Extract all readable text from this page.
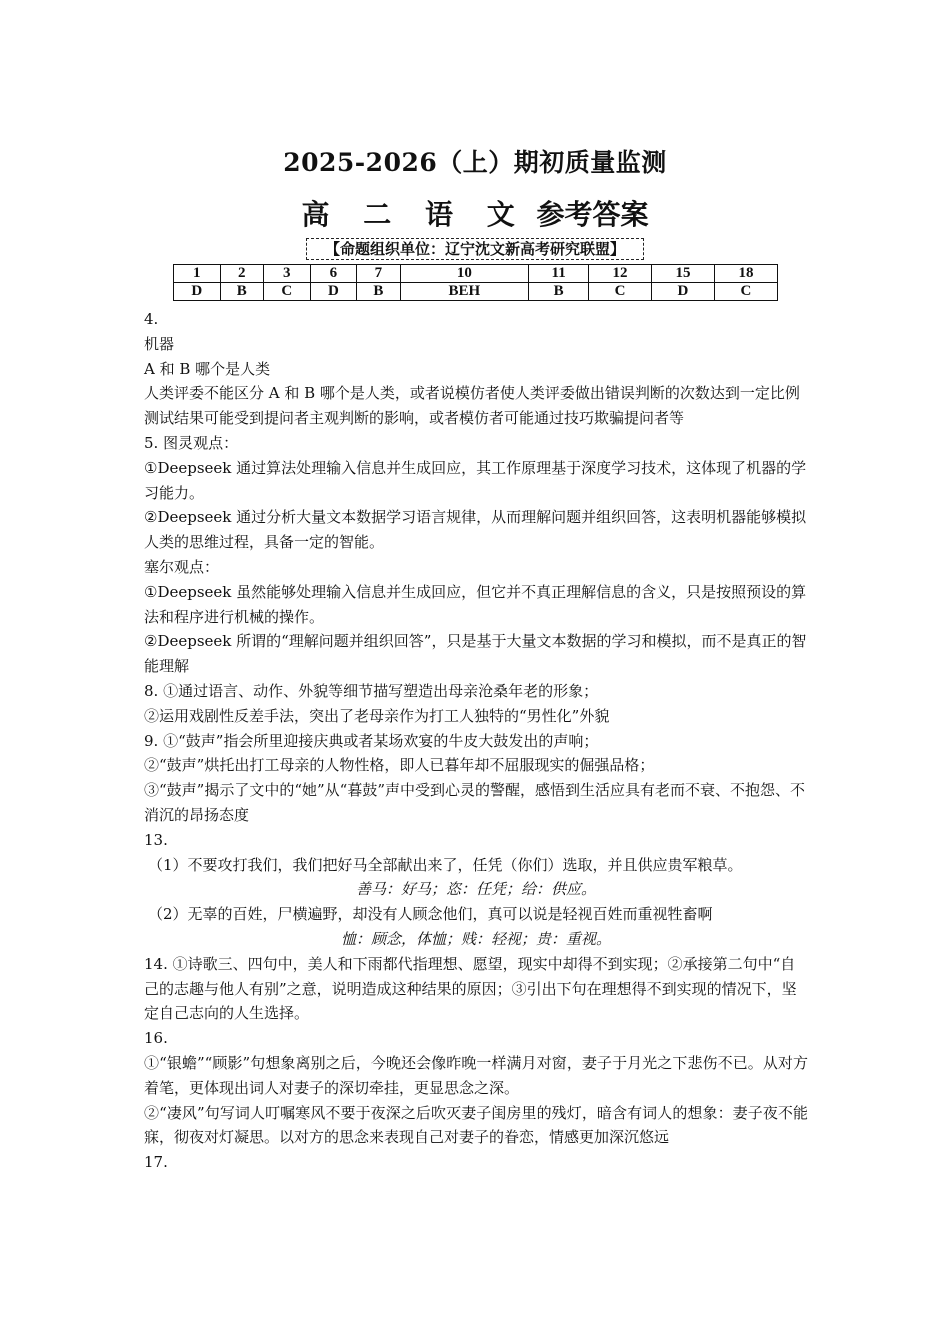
2025-2026（上）期初质量监测
高 二 语 文 参考答案
【命题组织单位：辽宁沈文新高考研究联盟】
1	2	3	6	7	10	11	12	15	18
D	B	C	D	B	BEH	B	C	D	C

4.

机器

A 和 B 哪个是人类

人类评委不能区分 A 和 B 哪个是人类，或者说模仿者使人类评委做出错误判断的次数达到一定比例

测试结果可能受到提问者主观判断的影响，或者模仿者可能通过技巧欺骗提问者等

5. 图灵观点：

①Deepseek 通过算法处理输入信息并生成回应，其工作原理基于深度学习技术，这体现了机器的学习能力。

②Deepseek 通过分析大量文本数据学习语言规律，从而理解问题并组织回答，这表明机器能够模拟人类的思维过程，具备一定的智能。

塞尔观点：

①Deepseek 虽然能够处理输入信息并生成回应，但它并不真正理解信息的含义，只是按照预设的算法和程序进行机械的操作。

②Deepseek 所谓的“理解问题并组织回答”，只是基于大量文本数据的学习和模拟，而不是真正的智能理解

8. ①通过语言、动作、外貌等细节描写塑造出母亲沧桑年老的形象；

②运用戏剧性反差手法，突出了老母亲作为打工人独特的“男性化”外貌

9. ①“鼓声”指会所里迎接庆典或者某场欢宴的牛皮大鼓发出的声响；

②“鼓声”烘托出打工母亲的人物性格，即人已暮年却不屈服现实的倔强品格；

③“鼓声”揭示了文中的“她”从“暮鼓”声中受到心灵的警醒，感悟到生活应具有老而不衰、不抱怨、不消沉的昂扬态度

13.

（1）不要攻打我们，我们把好马全部献出来了，任凭（你们）选取，并且供应贵军粮草。

善马：好马；恣：任凭；给：供应。

（2）无辜的百姓，尸横遍野，却没有人顾念他们，真可以说是轻视百姓而重视牲畜啊

恤：顾念，体恤；贱：轻视；贵：重视。

14. ①诗歌三、四句中，美人和下雨都代指理想、愿望，现实中却得不到实现；②承接第二句中“自己的志趣与他人有别”之意，说明造成这种结果的原因；③引出下句在理想得不到实现的情况下，坚定自己志向的人生选择。

16.

①“银蟾”“顾影”句想象离别之后，今晚还会像昨晚一样满月对窗，妻子于月光之下悲伤不已。从对方着笔，更体现出词人对妻子的深切牵挂，更显思念之深。

②“凄风”句写词人叮嘱寒风不要于夜深之后吹灭妻子闺房里的残灯，暗含有词人的想象：妻子夜不能寐，彻夜对灯凝思。以对方的思念来表现自己对妻子的眷恋，情感更加深沉悠远

17.
